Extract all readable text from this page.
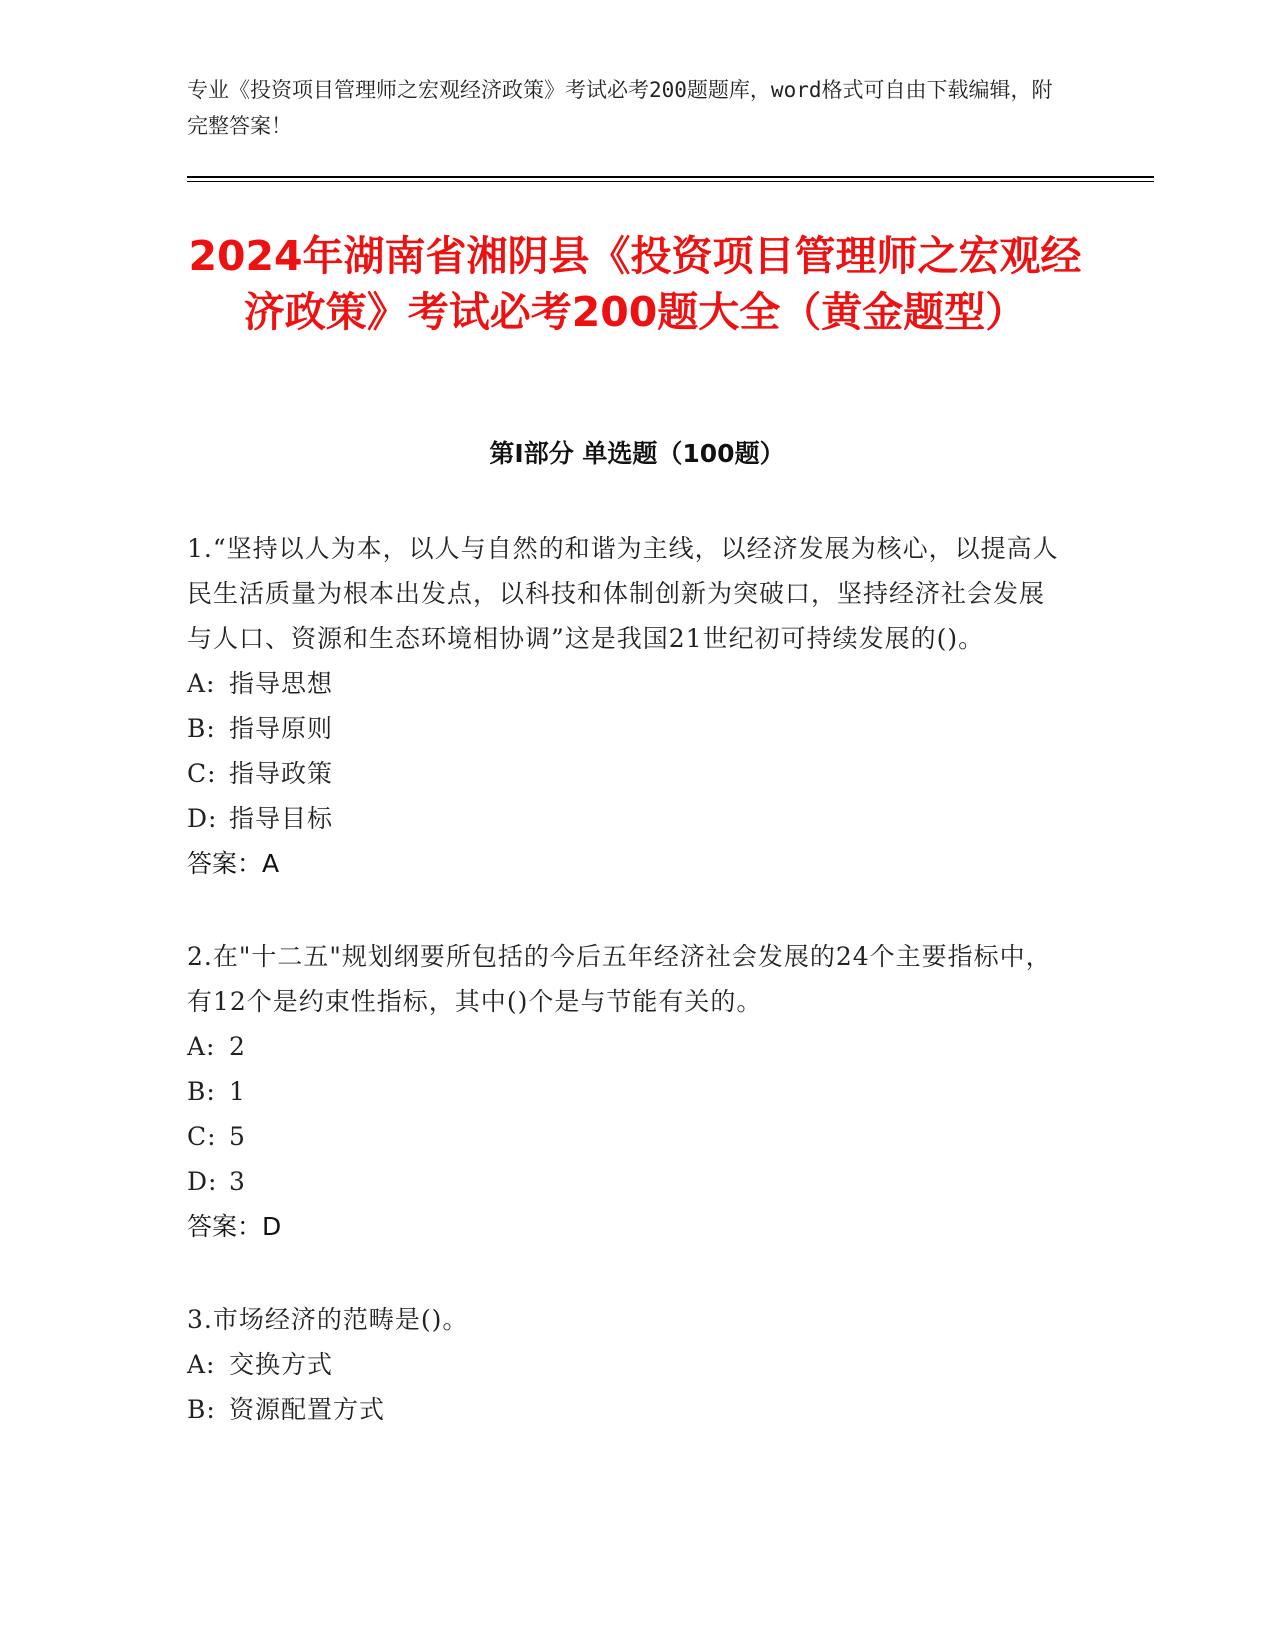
专业《投资项目管理师之宏观经济政策》考试必考200题题库，word格式可自由下载编辑，附完整答案！
2024年湖南省湘阴县《投资项目管理师之宏观经济政策》考试必考200题大全（黄金题型）
第I部分 单选题（100题）
1.“坚持以人为本，以人与自然的和谐为主线，以经济发展为核心，以提高人民生活质量为根本出发点，以科技和体制创新为突破口，坚持经济社会发展与人口、资源和生态环境相协调”这是我国21世纪初可持续发展的()。
A: 指导思想
B: 指导原则
C: 指导政策
D: 指导目标
答案：A
2.在"十二五"规划纲要所包括的今后五年经济社会发展的24个主要指标中，有12个是约束性指标，其中()个是与节能有关的。
A: 2
B: 1
C: 5
D: 3
答案：D
3.市场经济的范畴是()。
A: 交换方式
B: 资源配置方式
